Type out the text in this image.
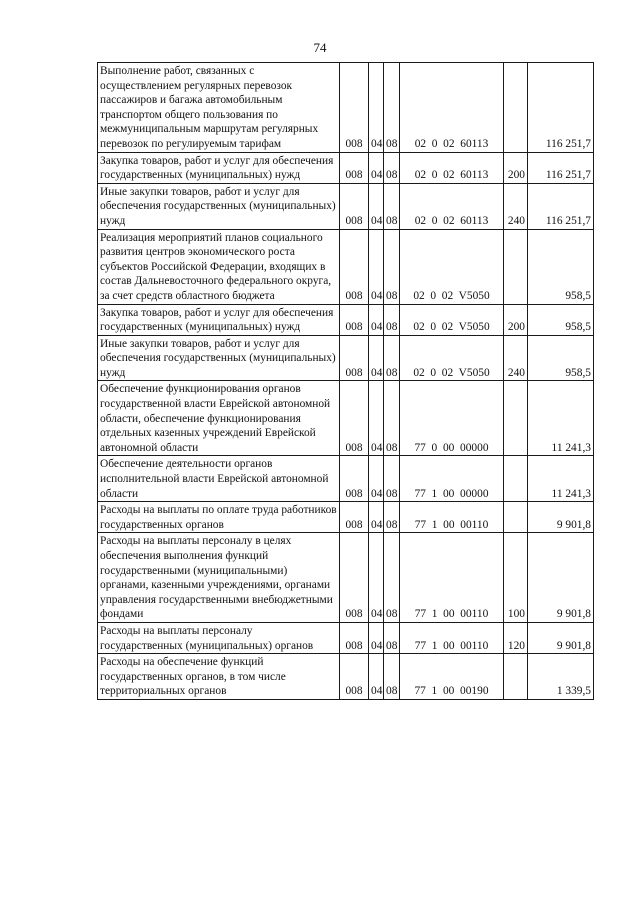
74
Выполнение работ, связанных с осуществлением регулярных перевозок пассажиров и багажа автомобильным транспортом общего пользования по межмуниципальным маршрутам регулярных перевозок по регулируемым тарифам	008	04	08	02  0  02  60113		116 251,7
Закупка товаров, работ и услуг для обеспечения государственных (муниципальных) нужд	008	04	08	02  0  02  60113	200	116 251,7
Иные закупки товаров, работ и услуг для обеспечения государственных (муниципальных) нужд	008	04	08	02  0  02  60113	240	116 251,7
Реализация мероприятий планов социального развития центров экономического роста субъектов Российской Федерации, входящих в состав Дальневосточного федерального округа, за счет средств областного бюджета	008	04	08	02  0  02  V5050		958,5
Закупка товаров, работ и услуг для обеспечения государственных (муниципальных) нужд	008	04	08	02  0  02  V5050	200	958,5
Иные закупки товаров, работ и услуг для обеспечения государственных (муниципальных) нужд	008	04	08	02  0  02  V5050	240	958,5
Обеспечение функционирования органов государственной власти Еврейской автономной области, обеспечение функционирования отдельных казенных учреждений Еврейской автономной области	008	04	08	77  0  00  00000		11 241,3
Обеспечение деятельности органов исполнительной власти Еврейской автономной области	008	04	08	77  1  00  00000		11 241,3
Расходы на выплаты по оплате труда работников государственных органов	008	04	08	77  1  00  00110		9 901,8
Расходы на выплаты персоналу в целях обеспечения выполнения функций государственными (муниципальными) органами, казенными учреждениями, органами управления государственными внебюджетными фондами	008	04	08	77  1  00  00110	100	9 901,8
Расходы на выплаты персоналу государственных (муниципальных) органов	008	04	08	77  1  00  00110	120	9 901,8
Расходы на обеспечение функций государственных органов, в том числе территориальных органов	008	04	08	77  1  00  00190		1 339,5
